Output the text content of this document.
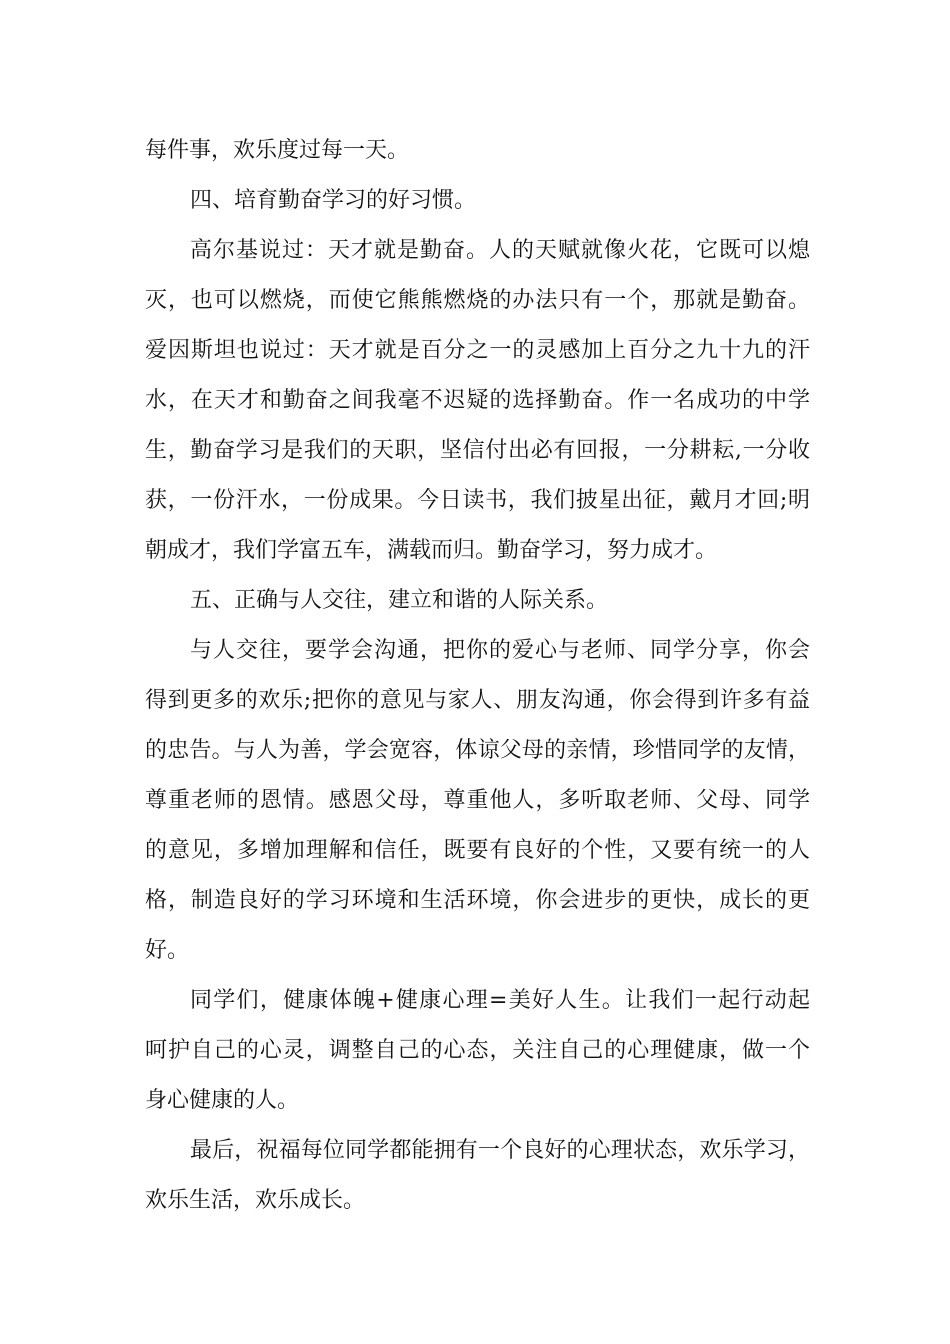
每件事，欢乐度过每一天。
四、培育勤奋学习的好习惯。
高尔基说过：天才就是勤奋。人的天赋就像火花，它既可以熄
灭，也可以燃烧，而使它熊熊燃烧的办法只有一个，那就是勤奋。
爱因斯坦也说过：天才就是百分之一的灵感加上百分之九十九的汗
水，在天才和勤奋之间我毫不迟疑的选择勤奋。作一名成功的中学
生，勤奋学习是我们的天职，坚信付出必有回报，一分耕耘,一分收
获，一份汗水，一份成果。今日读书，我们披星出征，戴月才回;明
朝成才，我们学富五车，满载而归。勤奋学习，努力成才。
五、正确与人交往，建立和谐的人际关系。
与人交往，要学会沟通，把你的爱心与老师、同学分享，你会
得到更多的欢乐;把你的意见与家人、朋友沟通，你会得到许多有益
的忠告。与人为善，学会宽容，体谅父母的亲情，珍惜同学的友情，
尊重老师的恩情。感恩父母，尊重他人，多听取老师、父母、同学
的意见，多增加理解和信任，既要有良好的个性，又要有统一的人
格，制造良好的学习环境和生活环境，你会进步的更快，成长的更
好。
同学们，健康体魄+健康心理=美好人生。让我们一起行动起
呵护自己的心灵，调整自己的心态，关注自己的心理健康，做一个
身心健康的人。
最后，祝福每位同学都能拥有一个良好的心理状态，欢乐学习，
欢乐生活，欢乐成长。
